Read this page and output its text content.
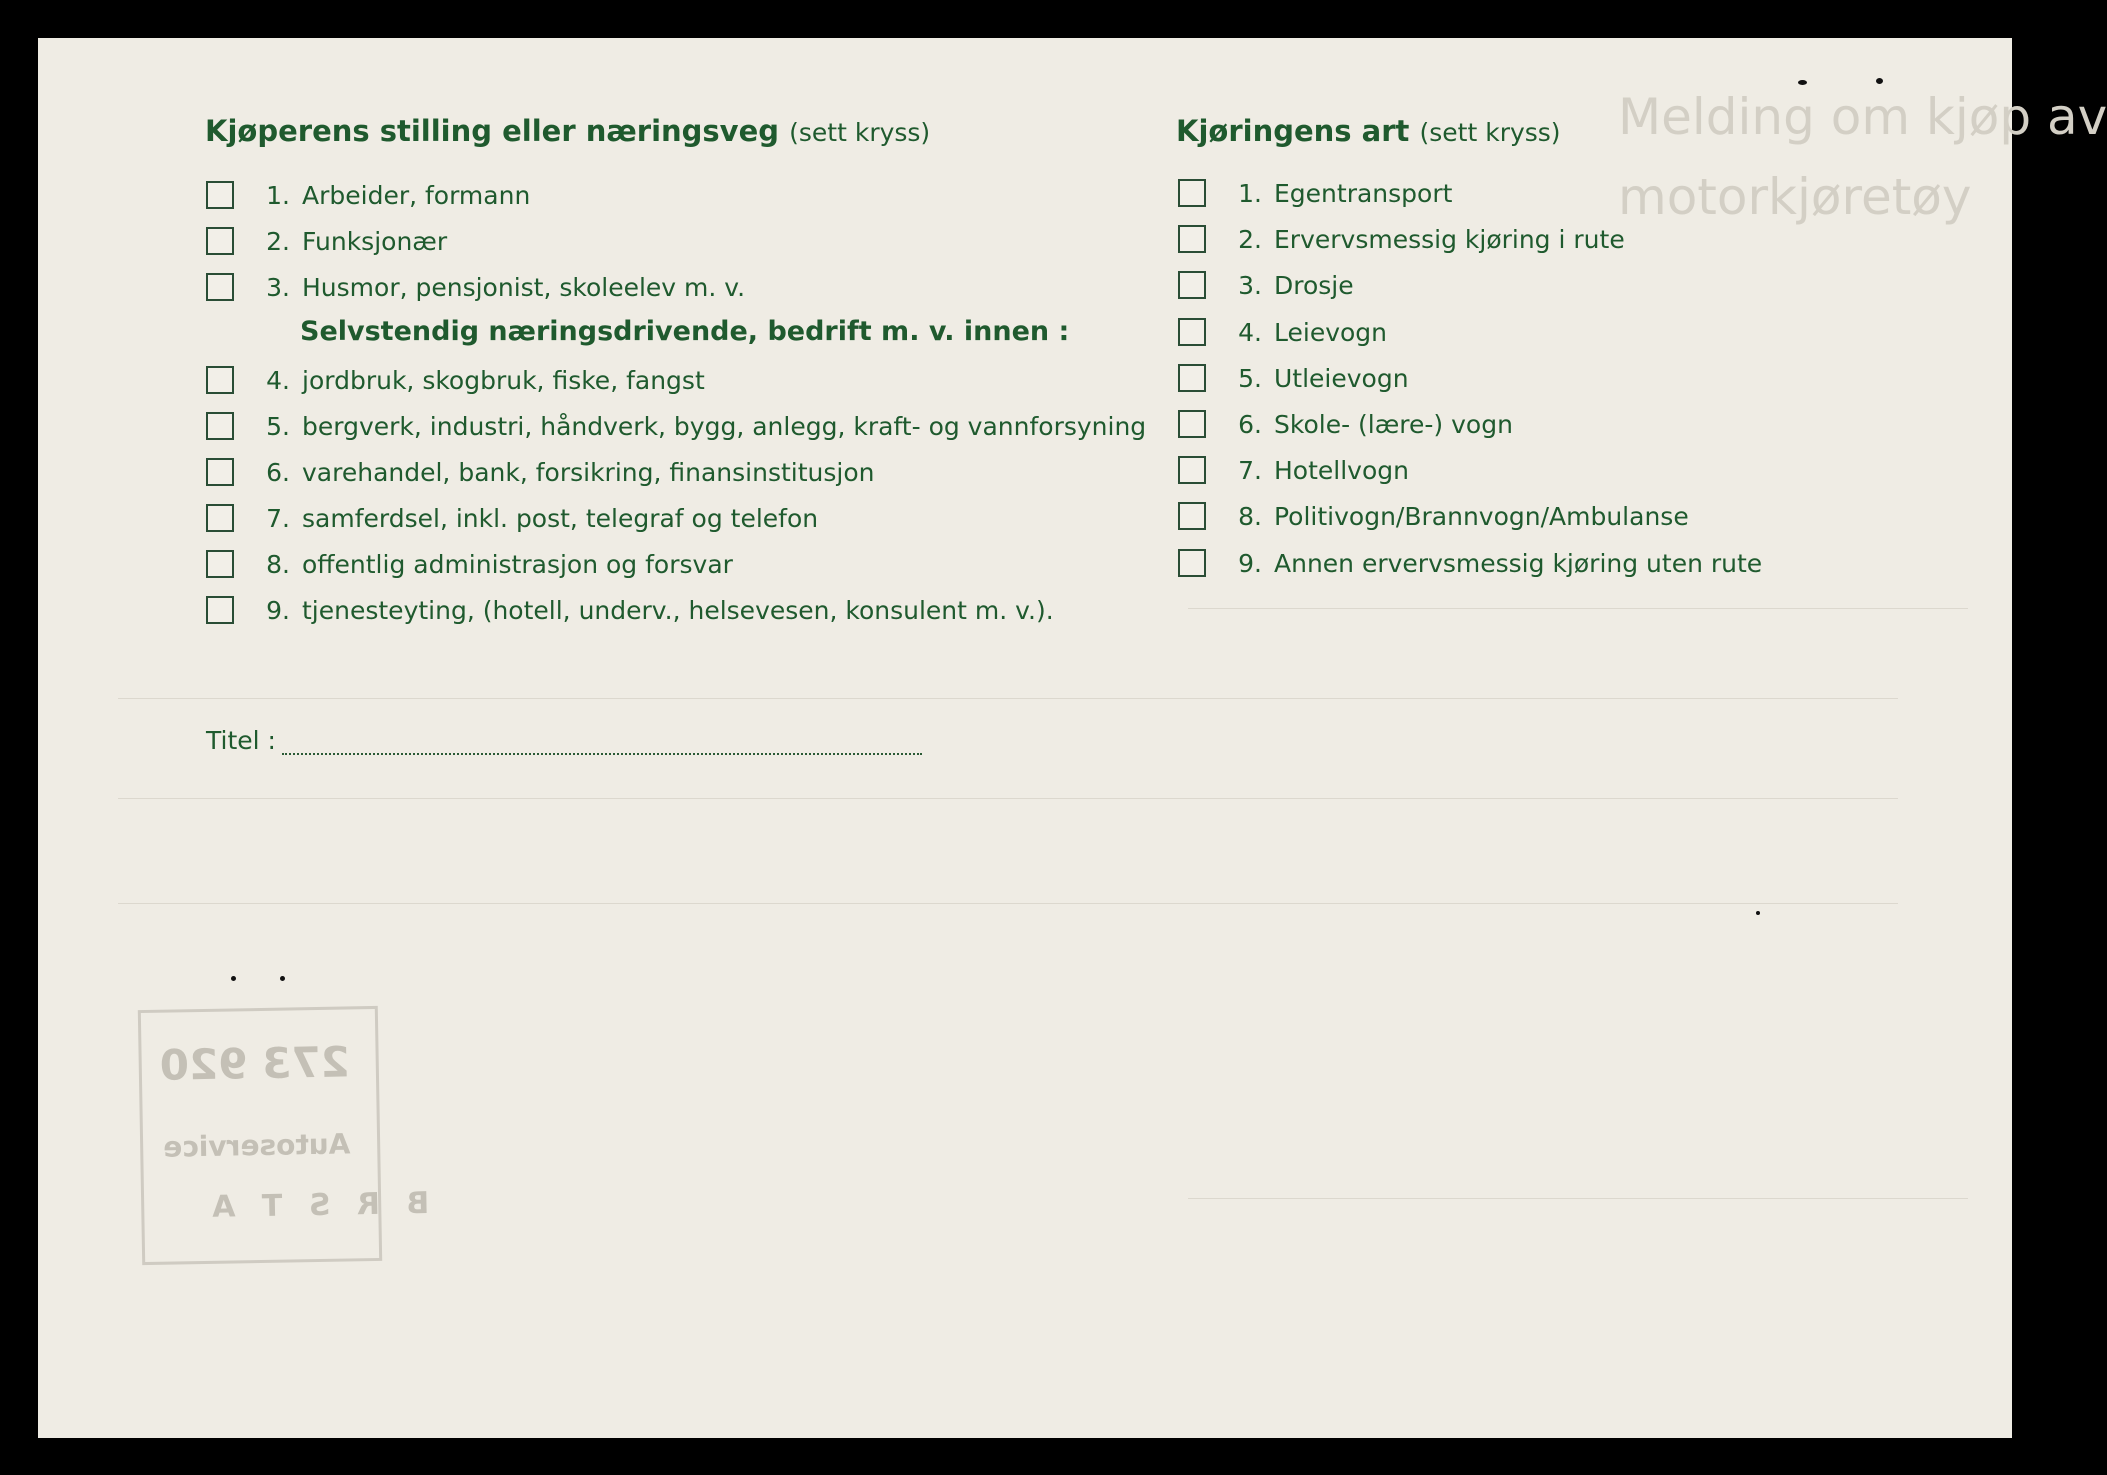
Melding om kjøp av
motorkjøretøy
Kjøperens stilling eller næringsveg (sett kryss)
1. Arbeider, formann
2. Funksjonær
3. Husmor, pensjonist, skoleelev m. v.
Selvstendig næringsdrivende, bedrift m. v. innen :
4. jordbruk, skogbruk, fiske, fangst
5. bergverk, industri, håndverk, bygg, anlegg, kraft- og vannforsyning
6. varehandel, bank, forsikring, finansinstitusjon
7. samferdsel, inkl. post, telegraf og telefon
8. offentlig administrasjon og forsvar
9. tjenesteyting, (hotell, underv., helsevesen, konsulent m. v.).
Titel :
Kjøringens art (sett kryss)
1. Egentransport
2. Ervervsmessig kjøring i rute
3. Drosje
4. Leievogn
5. Utleievogn
6. Skole- (lære-) vogn
7. Hotellvogn
8. Politivogn/Brannvogn/Ambulanse
9. Annen ervervsmessig kjøring uten rute
273 920
Autoservice
B R S T A
